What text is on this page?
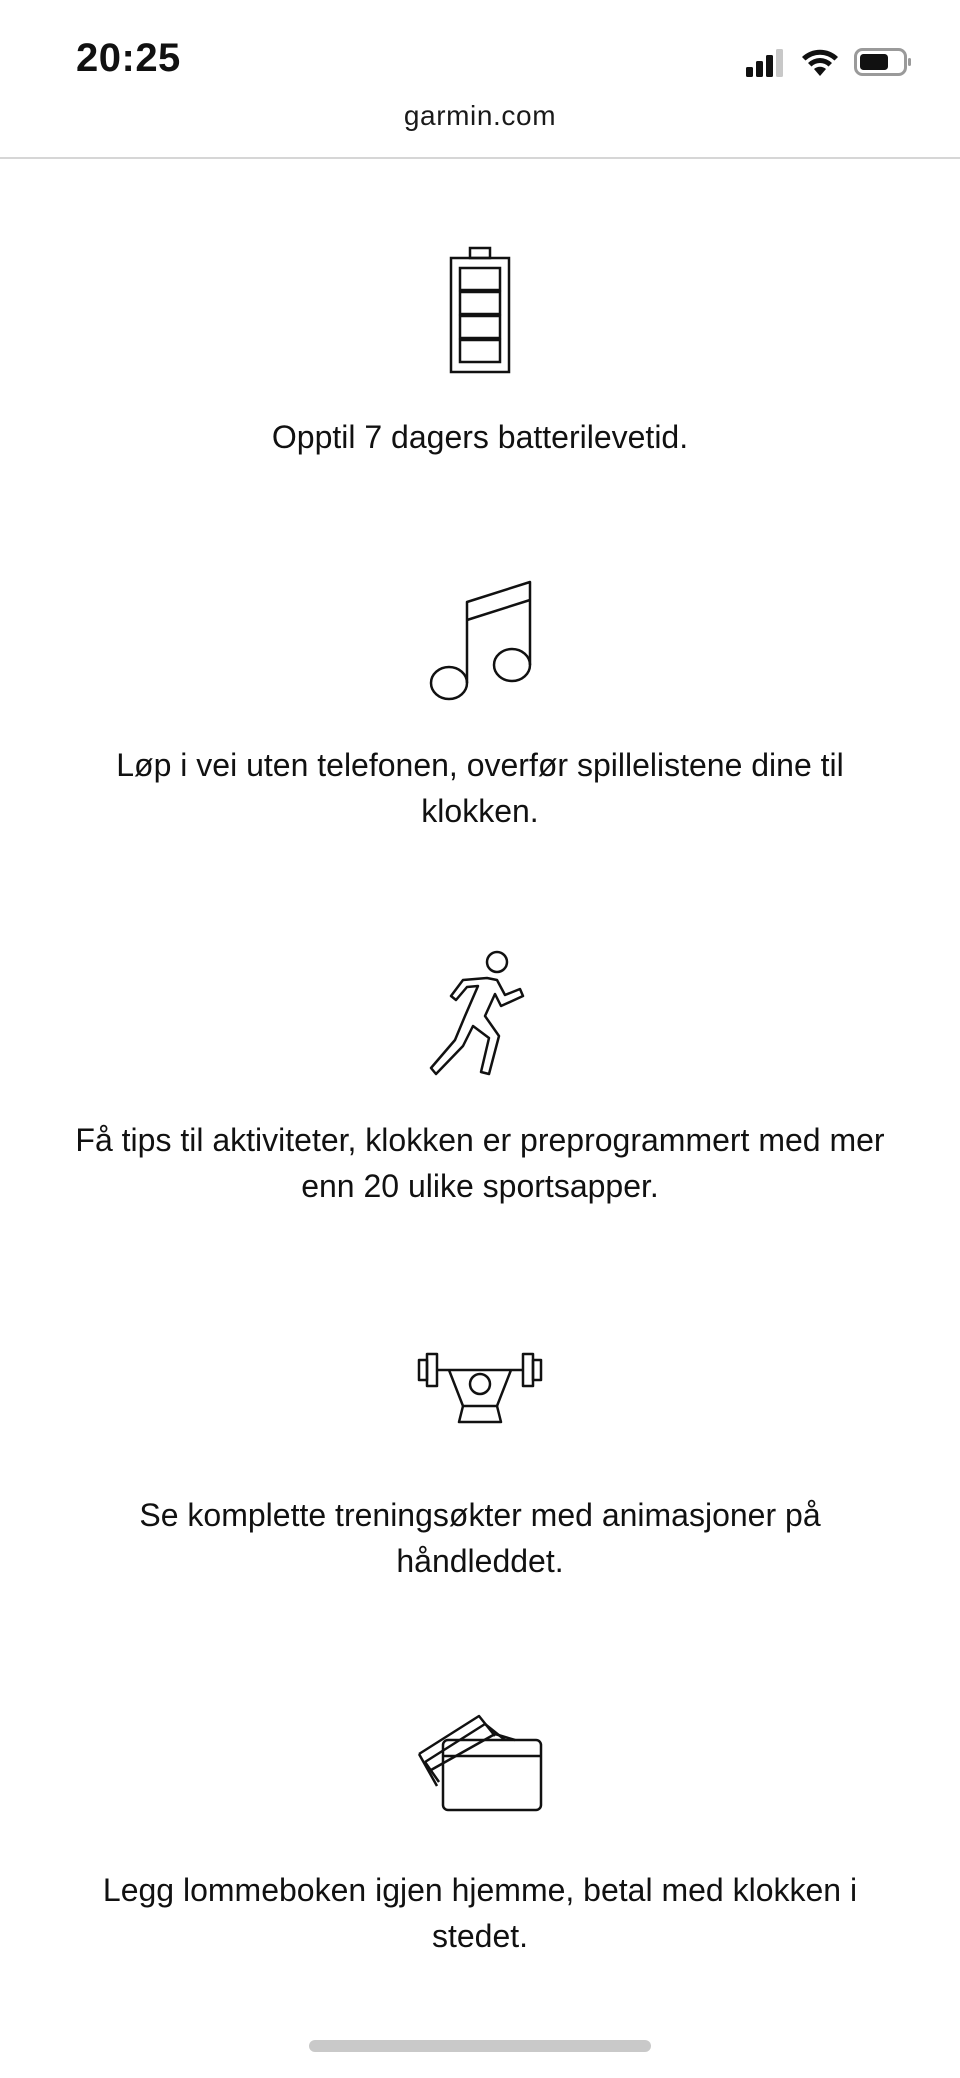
20:25
garmin.com
Opptil 7 dagers batterilevetid.
Løp i vei uten telefonen, overfør spillelistene dine til klokken.
Få tips til aktiviteter, klokken er preprogrammert med mer enn 20 ulike sportsapper.
Se komplette treningsøkter med animasjoner på håndleddet.
Legg lommeboken igjen hjemme, betal med klokken i stedet.
